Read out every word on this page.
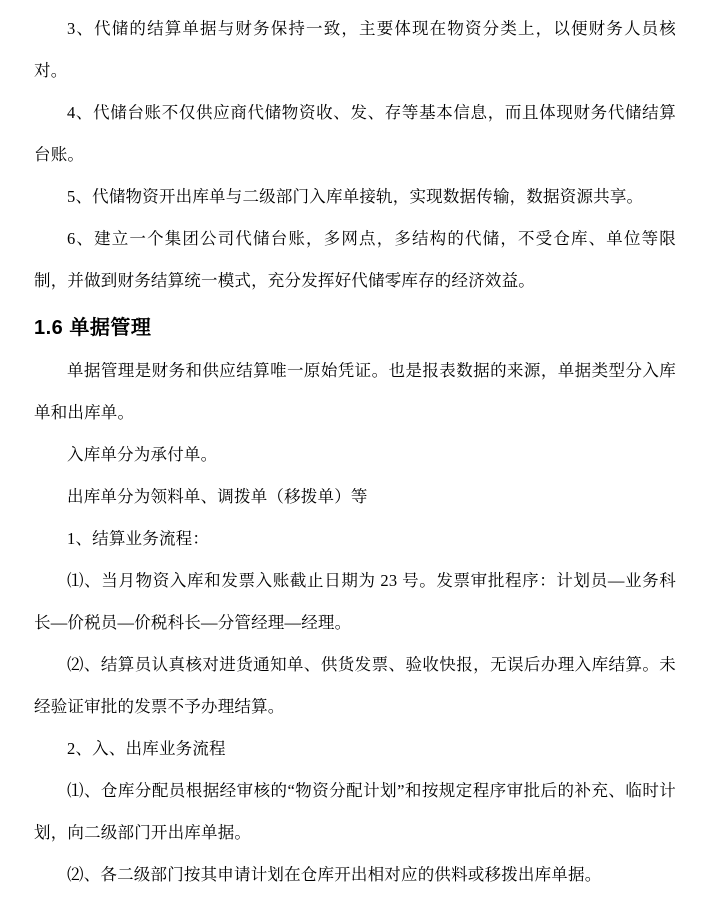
3、代储的结算单据与财务保持一致，主要体现在物资分类上，以便财务人员核对。

4、代储台账不仅供应商代储物资收、发、存等基本信息，而且体现财务代储结算台账。

5、代储物资开出库单与二级部门入库单接轨，实现数据传输，数据资源共享。

6、建立一个集团公司代储台账，多网点，多结构的代储，不受仓库、单位等限制，并做到财务结算统一模式，充分发挥好代储零库存的经济效益。

1.6 单据管理

单据管理是财务和供应结算唯一原始凭证。也是报表数据的来源，单据类型分入库单和出库单。

入库单分为承付单。

出库单分为领料单、调拨单（移拨单）等

1、结算业务流程：

⑴、当月物资入库和发票入账截止日期为 23 号。发票审批程序：计划员—业务科长—价税员—价税科长—分管经理—经理。

⑵、结算员认真核对进货通知单、供货发票、验收快报，无误后办理入库结算。未经验证审批的发票不予办理结算。

2、入、出库业务流程

⑴、仓库分配员根据经审核的“物资分配计划”和按规定程序审批后的补充、临时计划，向二级部门开出库单据。

⑵、各二级部门按其申请计划在仓库开出相对应的供料或移拨出库单据。
